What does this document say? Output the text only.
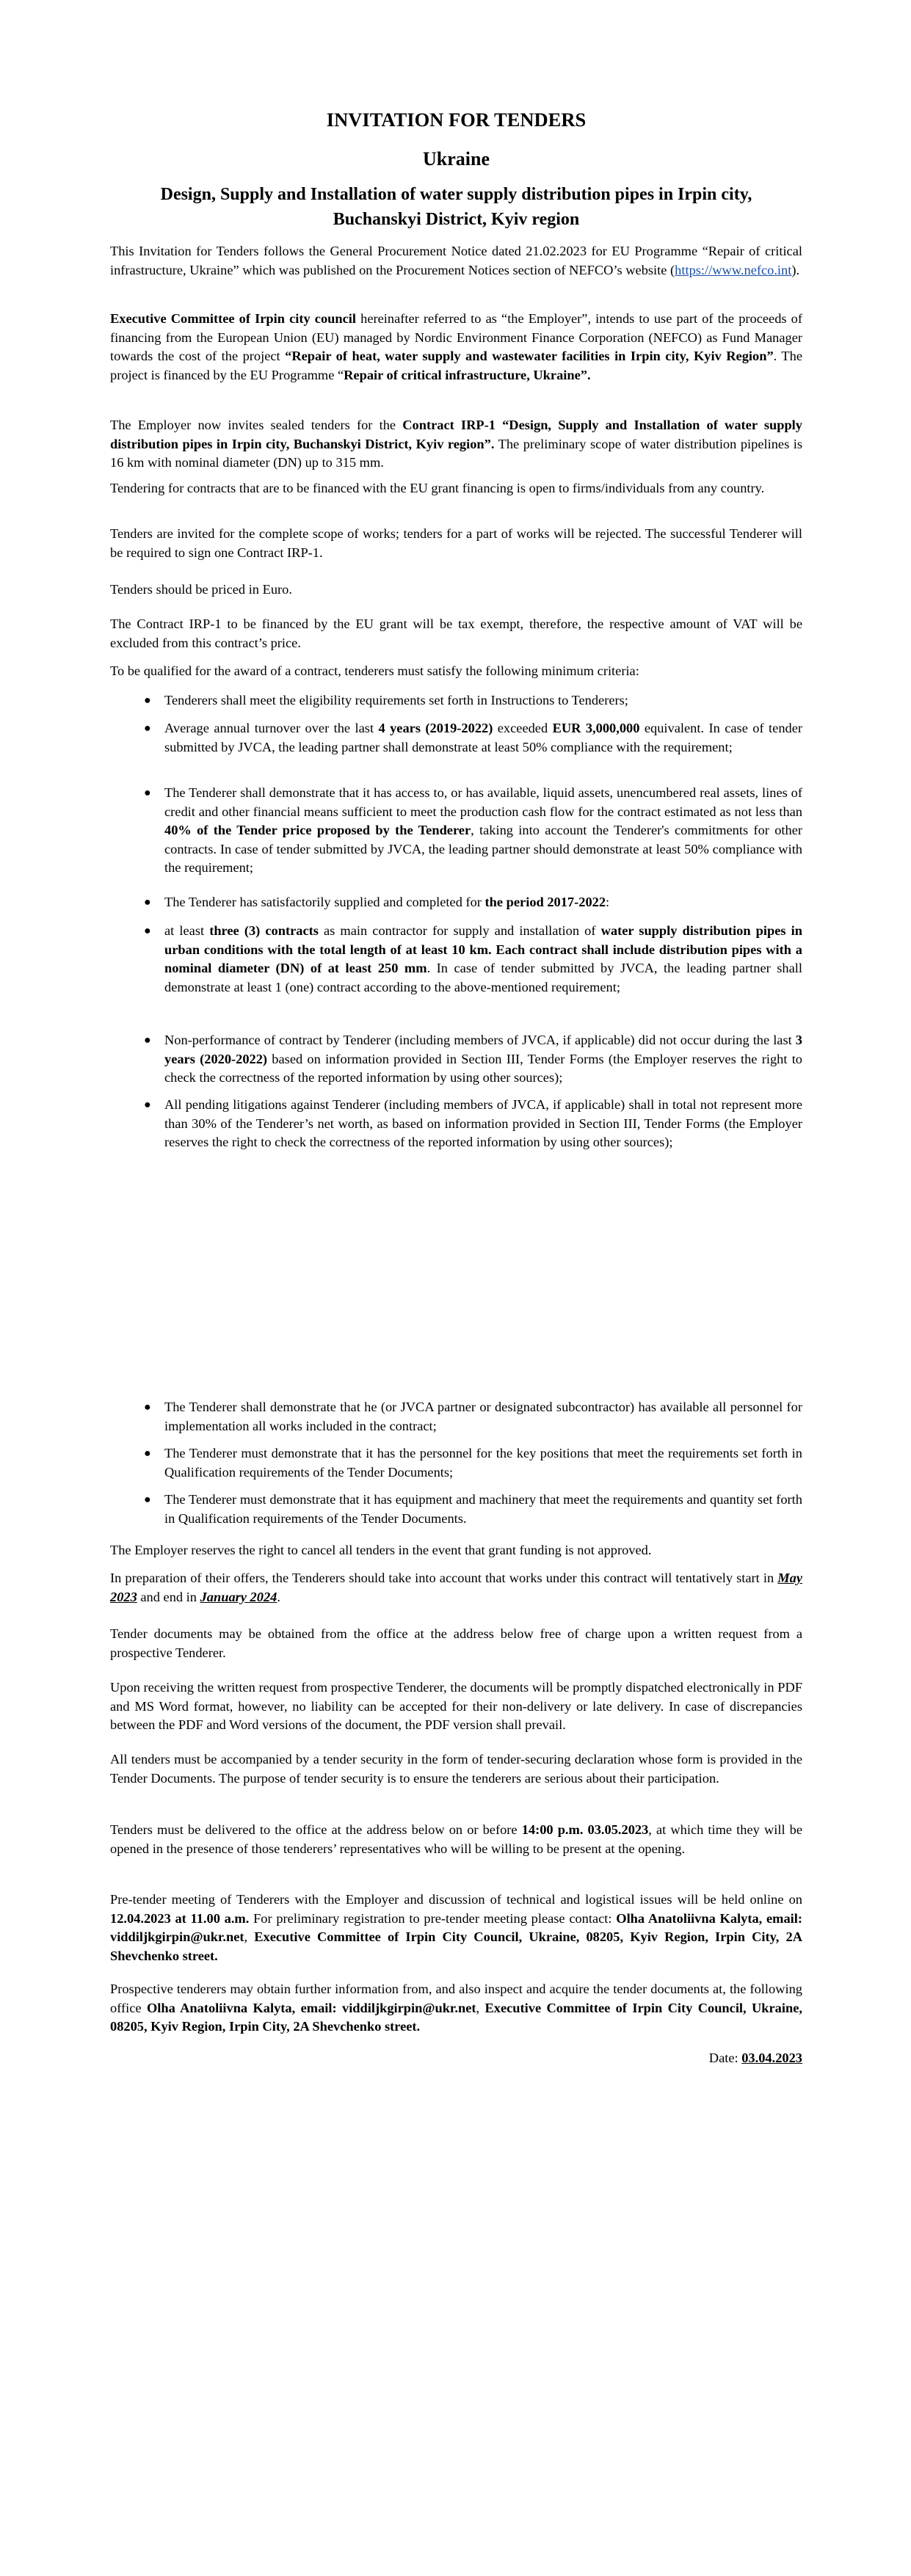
INVITATION FOR TENDERS
Ukraine
Design, Supply and Installation of water supply distribution pipes in Irpin city,
Buchanskyi District, Kyiv region

This Invitation for Tenders follows the General Procurement Notice dated 21.02.2023 for EU Programme “Repair of critical infrastructure, Ukraine” which was published on the Procurement Notices section of NEFCO’s website (https://www.nefco.int).

Executive Committee of Irpin city council hereinafter referred to as “the Employer”, intends to use part of the proceeds of financing from the European Union (EU) managed by Nordic Environment Finance Corporation (NEFCO) as Fund Manager towards the cost of the project “Repair of heat, water supply and wastewater facilities in Irpin city, Kyiv Region”. The project is financed by the EU Programme “Repair of critical infrastructure, Ukraine”.

The Employer now invites sealed tenders for the Contract IRP-1 “Design, Supply and Installation of water supply distribution pipes in Irpin city, Buchanskyi District, Kyiv region”. The preliminary scope of water distribution pipelines is 16 km with nominal diameter (DN) up to 315 mm.

Tendering for contracts that are to be financed with the EU grant financing is open to firms/individuals from any country.

Tenders are invited for the complete scope of works; tenders for a part of works will be rejected. The successful Tenderer will be required to sign one Contract IRP-1.

Tenders should be priced in Euro.

The Contract IRP-1 to be financed by the EU grant will be tax exempt, therefore, the respective amount of VAT will be excluded from this contract’s price.

To be qualified for the award of a contract, tenderers must satisfy the following minimum criteria:

● Tenderers shall meet the eligibility requirements set forth in Instructions to Tenderers;
● Average annual turnover over the last 4 years (2019-2022) exceeded EUR 3,000,000 equivalent. In case of tender submitted by JVCA, the leading partner shall demonstrate at least 50% compliance with the requirement;
● The Tenderer shall demonstrate that it has access to, or has available, liquid assets, unencumbered real assets, lines of credit and other financial means sufficient to meet the production cash flow for the contract estimated as not less than 40% of the Tender price proposed by the Tenderer, taking into account the Tenderer's commitments for other contracts. In case of tender submitted by JVCA, the leading partner should demonstrate at least 50% compliance with the requirement;
● The Tenderer has satisfactorily supplied and completed for the period 2017-2022:
● at least three (3) contracts as main contractor for supply and installation of water supply distribution pipes in urban conditions with the total length of at least 10 km. Each contract shall include distribution pipes with a nominal diameter (DN) of at least 250 mm. In case of tender submitted by JVCA, the leading partner shall demonstrate at least 1 (one) contract according to the above-mentioned requirement;
● Non-performance of contract by Tenderer (including members of JVCA, if applicable) did not occur during the last 3 years (2020-2022) based on information provided in Section III, Tender Forms (the Employer reserves the right to check the correctness of the reported information by using other sources);
● All pending litigations against Tenderer (including members of JVCA, if applicable) shall in total not represent more than 30% of the Tenderer’s net worth, as based on information provided in Section III, Tender Forms (the Employer reserves the right to check the correctness of the reported information by using other sources);
● The Tenderer shall demonstrate that he (or JVCA partner or designated subcontractor) has available all personnel for implementation all works included in the contract;
● The Tenderer must demonstrate that it has the personnel for the key positions that meet the requirements set forth in Qualification requirements of the Tender Documents;
● The Tenderer must demonstrate that it has equipment and machinery that meet the requirements and quantity set forth in Qualification requirements of the Tender Documents.

The Employer reserves the right to cancel all tenders in the event that grant funding is not approved.

In preparation of their offers, the Tenderers should take into account that works under this contract will tentatively start in May 2023 and end in January 2024.

Tender documents may be obtained from the office at the address below free of charge upon a written request from a prospective Tenderer.

Upon receiving the written request from prospective Tenderer, the documents will be promptly dispatched electronically in PDF and MS Word format, however, no liability can be accepted for their non-delivery or late delivery. In case of discrepancies between the PDF and Word versions of the document, the PDF version shall prevail.

All tenders must be accompanied by a tender security in the form of tender-securing declaration whose form is provided in the Tender Documents. The purpose of tender security is to ensure the tenderers are serious about their participation.

Tenders must be delivered to the office at the address below on or before 14:00 p.m. 03.05.2023, at which time they will be opened in the presence of those tenderers’ representatives who will be willing to be present at the opening.

Pre-tender meeting of Tenderers with the Employer and discussion of technical and logistical issues will be held online on 12.04.2023 at 11.00 a.m. For preliminary registration to pre-tender meeting please contact: Olha Anatoliivna Kalyta, email: viddiljkgirpin@ukr.net, Executive Committee of Irpin City Council, Ukraine, 08205, Kyiv Region, Irpin City, 2A Shevchenko street.

Prospective tenderers may obtain further information from, and also inspect and acquire the tender documents at, the following office Olha Anatoliivna Kalyta, email: viddiljkgirpin@ukr.net, Executive Committee of Irpin City Council, Ukraine, 08205, Kyiv Region, Irpin City, 2A Shevchenko street.

Date: 03.04.2023
